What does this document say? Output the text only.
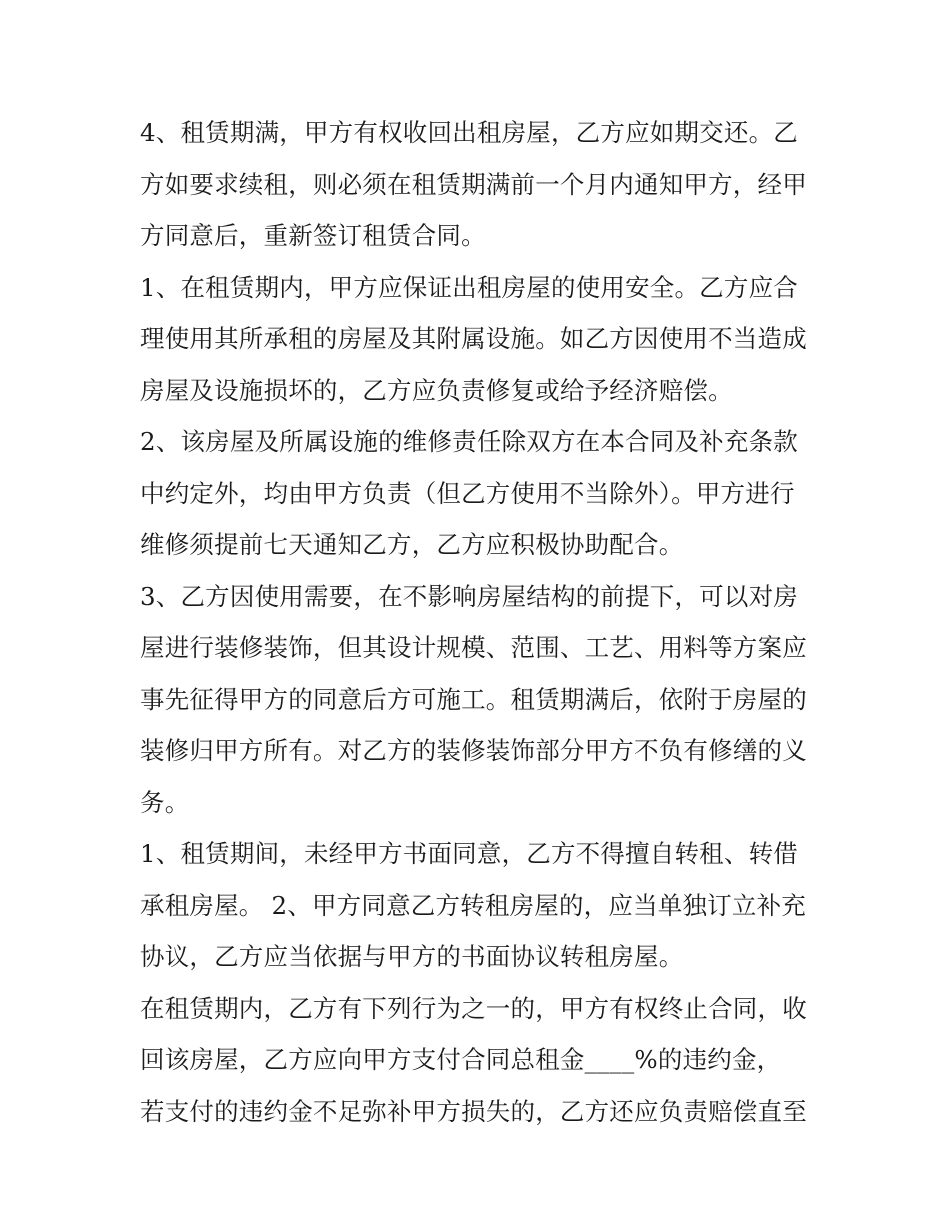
4、租赁期满，甲方有权收回出租房屋，乙方应如期交还。乙
方如要求续租，则必须在租赁期满前一个月内通知甲方，经甲
方同意后，重新签订租赁合同。
1、在租赁期内，甲方应保证出租房屋的使用安全。乙方应合
理使用其所承租的房屋及其附属设施。如乙方因使用不当造成
房屋及设施损坏的，乙方应负责修复或给予经济赔偿。
2、该房屋及所属设施的维修责任除双方在本合同及补充条款
中约定外，均由甲方负责（但乙方使用不当除外）。甲方进行
维修须提前七天通知乙方，乙方应积极协助配合。
3、乙方因使用需要，在不影响房屋结构的前提下，可以对房
屋进行装修装饰，但其设计规模、范围、工艺、用料等方案应
事先征得甲方的同意后方可施工。租赁期满后，依附于房屋的
装修归甲方所有。对乙方的装修装饰部分甲方不负有修缮的义
务。
1、租赁期间，未经甲方书面同意，乙方不得擅自转租、转借
承租房屋。 2、甲方同意乙方转租房屋的，应当单独订立补充
协议，乙方应当依据与甲方的书面协议转租房屋。
在租赁期内，乙方有下列行为之一的，甲方有权终止合同，收
回该房屋，乙方应向甲方支付合同总租金____%的违约金，
若支付的违约金不足弥补甲方损失的，乙方还应负责赔偿直至
